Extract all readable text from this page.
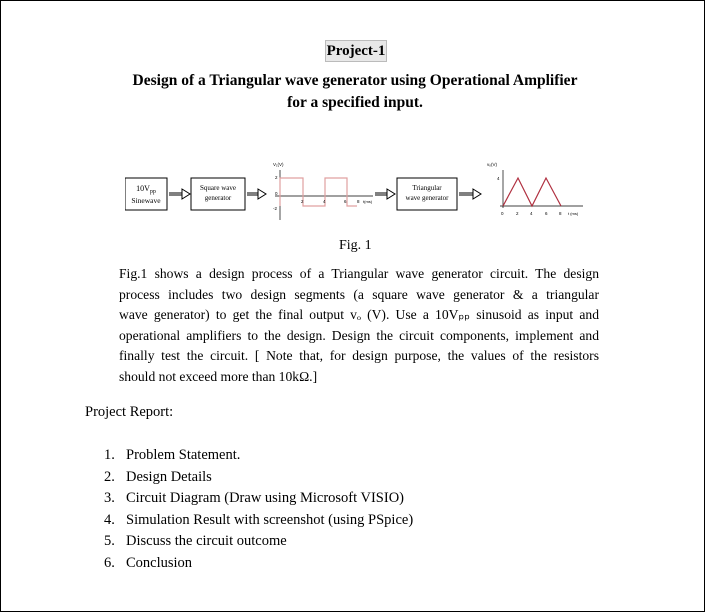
Project-1
Design of a Triangular wave generator using Operational Amplifier
for a specified input.
$10V_{pp}$
Sinewave
Square wave
generator
V₁(V)
2
0
-2
2	4	6 8 t(ms)
Triangular
wave generator
vₒ(V)
4
0	2	4	6	8 t (ms)
Fig. 1
Fig.1 shows a design process of a Triangular wave generator circuit. The design
process includes two design segments (a square wave generator & a triangular
wave generator) to get the final output vₒ (V). Use a 10Vₚₚ sinusoid as input and
operational amplifiers to the design. Design the circuit components, implement and
finally test the circuit. [ Note that, for design purpose, the values of the resistors
should not exceed more than 10kΩ.]
Project Report:
1. Problem Statement.
2. Design Details
3. Circuit Diagram (Draw using Microsoft VISIO)
4. Simulation Result with screenshot (using PSpice)
5. Discuss the circuit outcome
6. Conclusion
